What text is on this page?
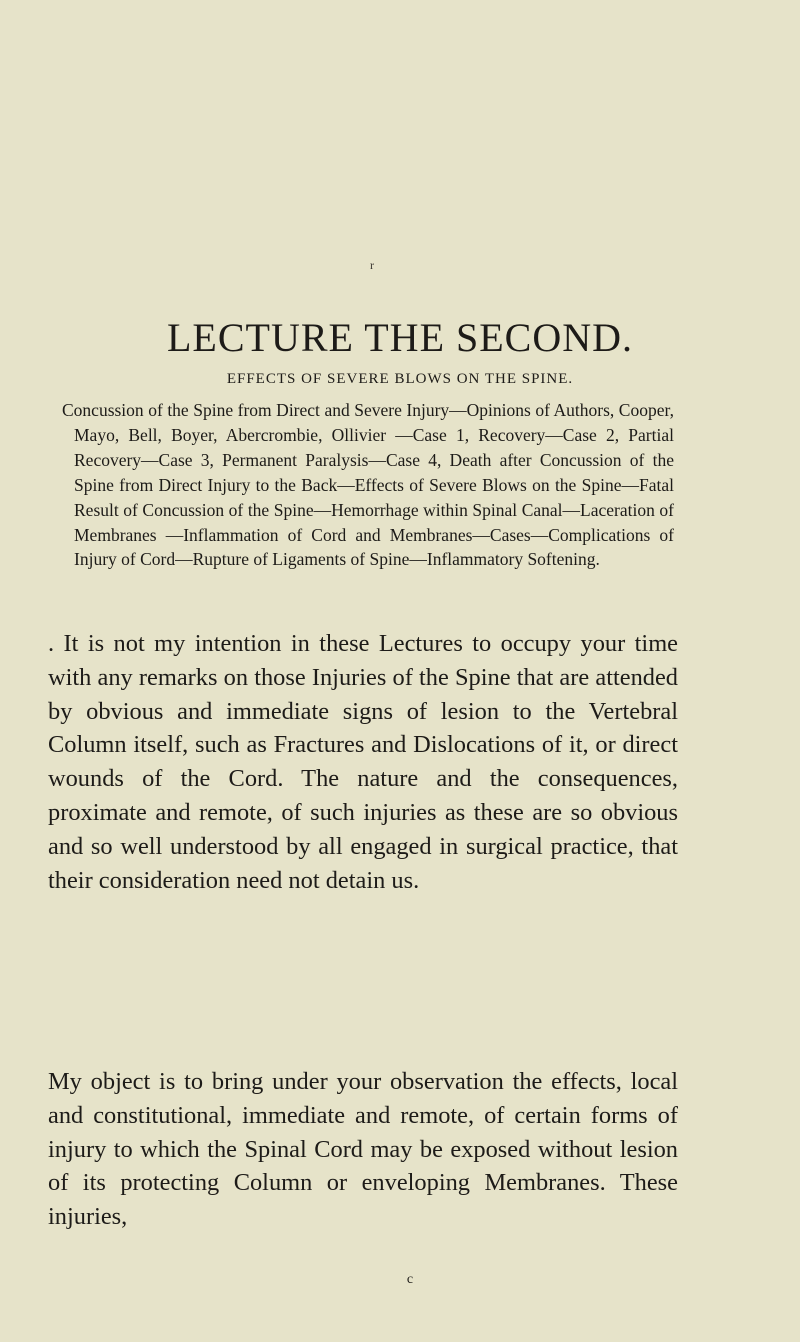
r
LECTURE THE SECOND.
EFFECTS OF SEVERE BLOWS ON THE SPINE.

Concussion of the Spine from Direct and Severe Injury—Opinions of Authors, Cooper, Mayo, Bell, Boyer, Abercrombie, Ollivier —Case 1, Recovery—Case 2, Partial Recovery—Case 3, Permanent Paralysis—Case 4, Death after Concussion of the Spine from Direct Injury to the Back—Effects of Severe Blows on the Spine—Fatal Result of Concussion of the Spine—Hemorrhage within Spinal Canal—Laceration of Membranes —Inflammation of Cord and Membranes—Cases—Complications of Injury of Cord—Rupture of Ligaments of Spine—Inflammatory Softening.

. It is not my intention in these Lectures to occupy your time with any remarks on those Injuries of the Spine that are attended by obvious and immediate signs of lesion to the Vertebral Column itself, such as Fractures and Dislocations of it, or direct wounds of the Cord. The nature and the consequences, proximate and remote, of such injuries as these are so obvious and so well understood by all engaged in surgical practice, that their consideration need not detain us.

My object is to bring under your observation the effects, local and constitutional, immediate and remote, of certain forms of injury to which the Spinal Cord may be exposed without lesion of its protecting Column or enveloping Membranes. These injuries,

c
